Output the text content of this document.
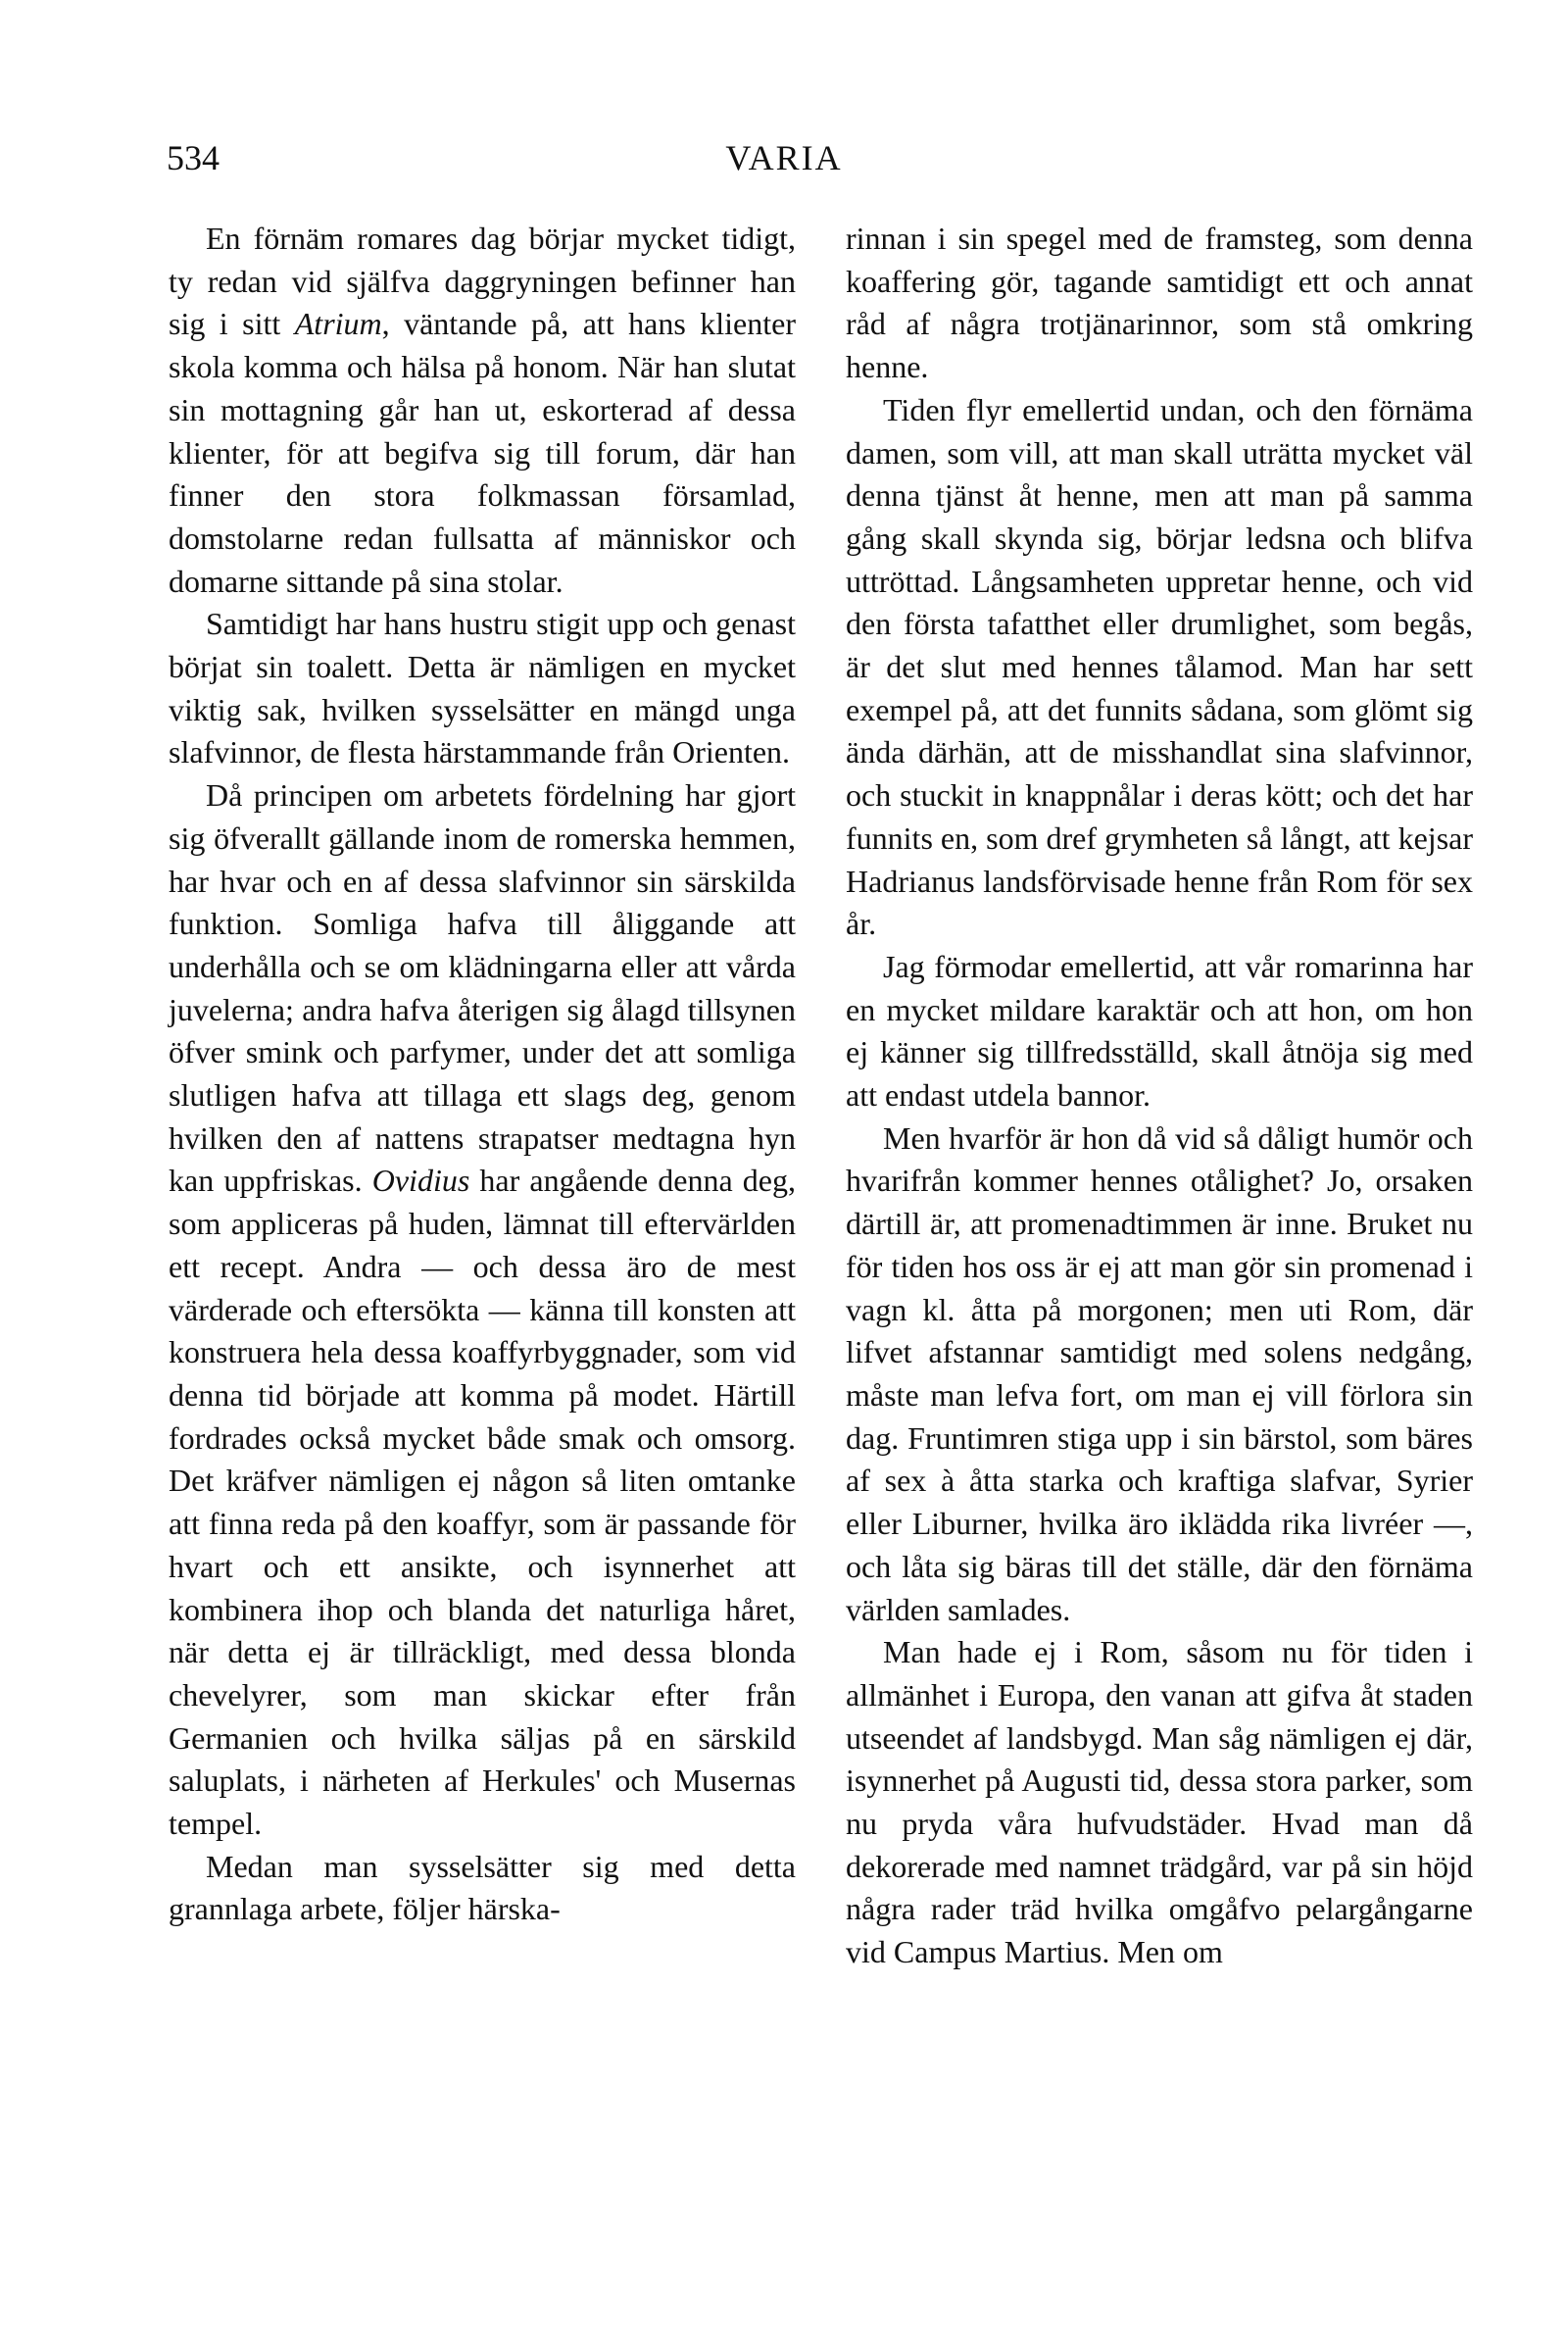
534	VARIA

En förnäm romares dag börjar mycket tidigt, ty redan vid själfva daggryningen befinner han sig i sitt Atrium, väntande på, att hans klienter skola komma och hälsa på honom. När han slutat sin mottagning går han ut, eskorterad af dessa klienter, för att begifva sig till forum, där han finner den stora folkmassan församlad, domstolarne redan fullsatta af människor och domarne sittande på sina stolar.

Samtidigt har hans hustru stigit upp och genast börjat sin toalett. Detta är nämligen en mycket viktig sak, hvilken sysselsätter en mängd unga slafvinnor, de flesta härstammande från Orienten.

Då principen om arbetets fördelning har gjort sig öfverallt gällande inom de romerska hemmen, har hvar och en af dessa slafvinnor sin särskilda funktion. Somliga hafva till åliggande att underhålla och se om klädningarna eller att vårda juvelerna; andra hafva återigen sig ålagd tillsynen öfver smink och parfymer, under det att somliga slutligen hafva att tillaga ett slags deg, genom hvilken den af nattens strapatser medtagna hyn kan uppfriskas. Ovidius har angående denna deg, som appliceras på huden, lämnat till eftervärlden ett recept. Andra — och dessa äro de mest värderade och eftersökta — känna till konsten att konstruera hela dessa koaffyrbyggnader, som vid denna tid började att komma på modet. Härtill fordrades också mycket både smak och omsorg. Det kräfver nämligen ej någon så liten omtanke att finna reda på den koaffyr, som är passande för hvart och ett ansikte, och isynnerhet att kombinera ihop och blanda det naturliga håret, när detta ej är tillräckligt, med dessa blonda chevelyrer, som man skickar efter från Germanien och hvilka säljas på en särskild saluplats, i närheten af Herkules' och Musernas tempel.

Medan man sysselsätter sig med detta grannlaga arbete, följer härska-

rinnan i sin spegel med de framsteg, som denna koaffering gör, tagande samtidigt ett och annat råd af några trotjänarinnor, som stå omkring henne.

Tiden flyr emellertid undan, och den förnäma damen, som vill, att man skall uträtta mycket väl denna tjänst åt henne, men att man på samma gång skall skynda sig, börjar ledsna och blifva uttröttad. Långsamheten uppretar henne, och vid den första tafatthet eller drumlighet, som begås, är det slut med hennes tålamod. Man har sett exempel på, att det funnits sådana, som glömt sig ända därhän, att de misshandlat sina slafvinnor, och stuckit in knappnålar i deras kött; och det har funnits en, som dref grymheten så långt, att kejsar Hadrianus landsförvisade henne från Rom för sex år.

Jag förmodar emellertid, att vår romarinna har en mycket mildare karaktär och att hon, om hon ej känner sig tillfredsställd, skall åtnöja sig med att endast utdela bannor.

Men hvarför är hon då vid så dåligt humör och hvarifrån kommer hennes otålighet? Jo, orsaken därtill är, att promenadtimmen är inne. Bruket nu för tiden hos oss är ej att man gör sin promenad i vagn kl. åtta på morgonen; men uti Rom, där lifvet afstannar samtidigt med solens nedgång, måste man lefva fort, om man ej vill förlora sin dag. Fruntimren stiga upp i sin bärstol, som bäres af sex à åtta starka och kraftiga slafvar, Syrier eller Liburner, hvilka äro iklädda rika livréer —, och låta sig bäras till det ställe, där den förnäma världen samlades.

Man hade ej i Rom, såsom nu för tiden i allmänhet i Europa, den vanan att gifva åt staden utseendet af landsbygd. Man såg nämligen ej där, isynnerhet på Augusti tid, dessa stora parker, som nu pryda våra hufvudstäder. Hvad man då dekorerade med namnet trädgård, var på sin höjd några rader träd hvilka omgåfvo pelargångarne vid Campus Martius. Men om
